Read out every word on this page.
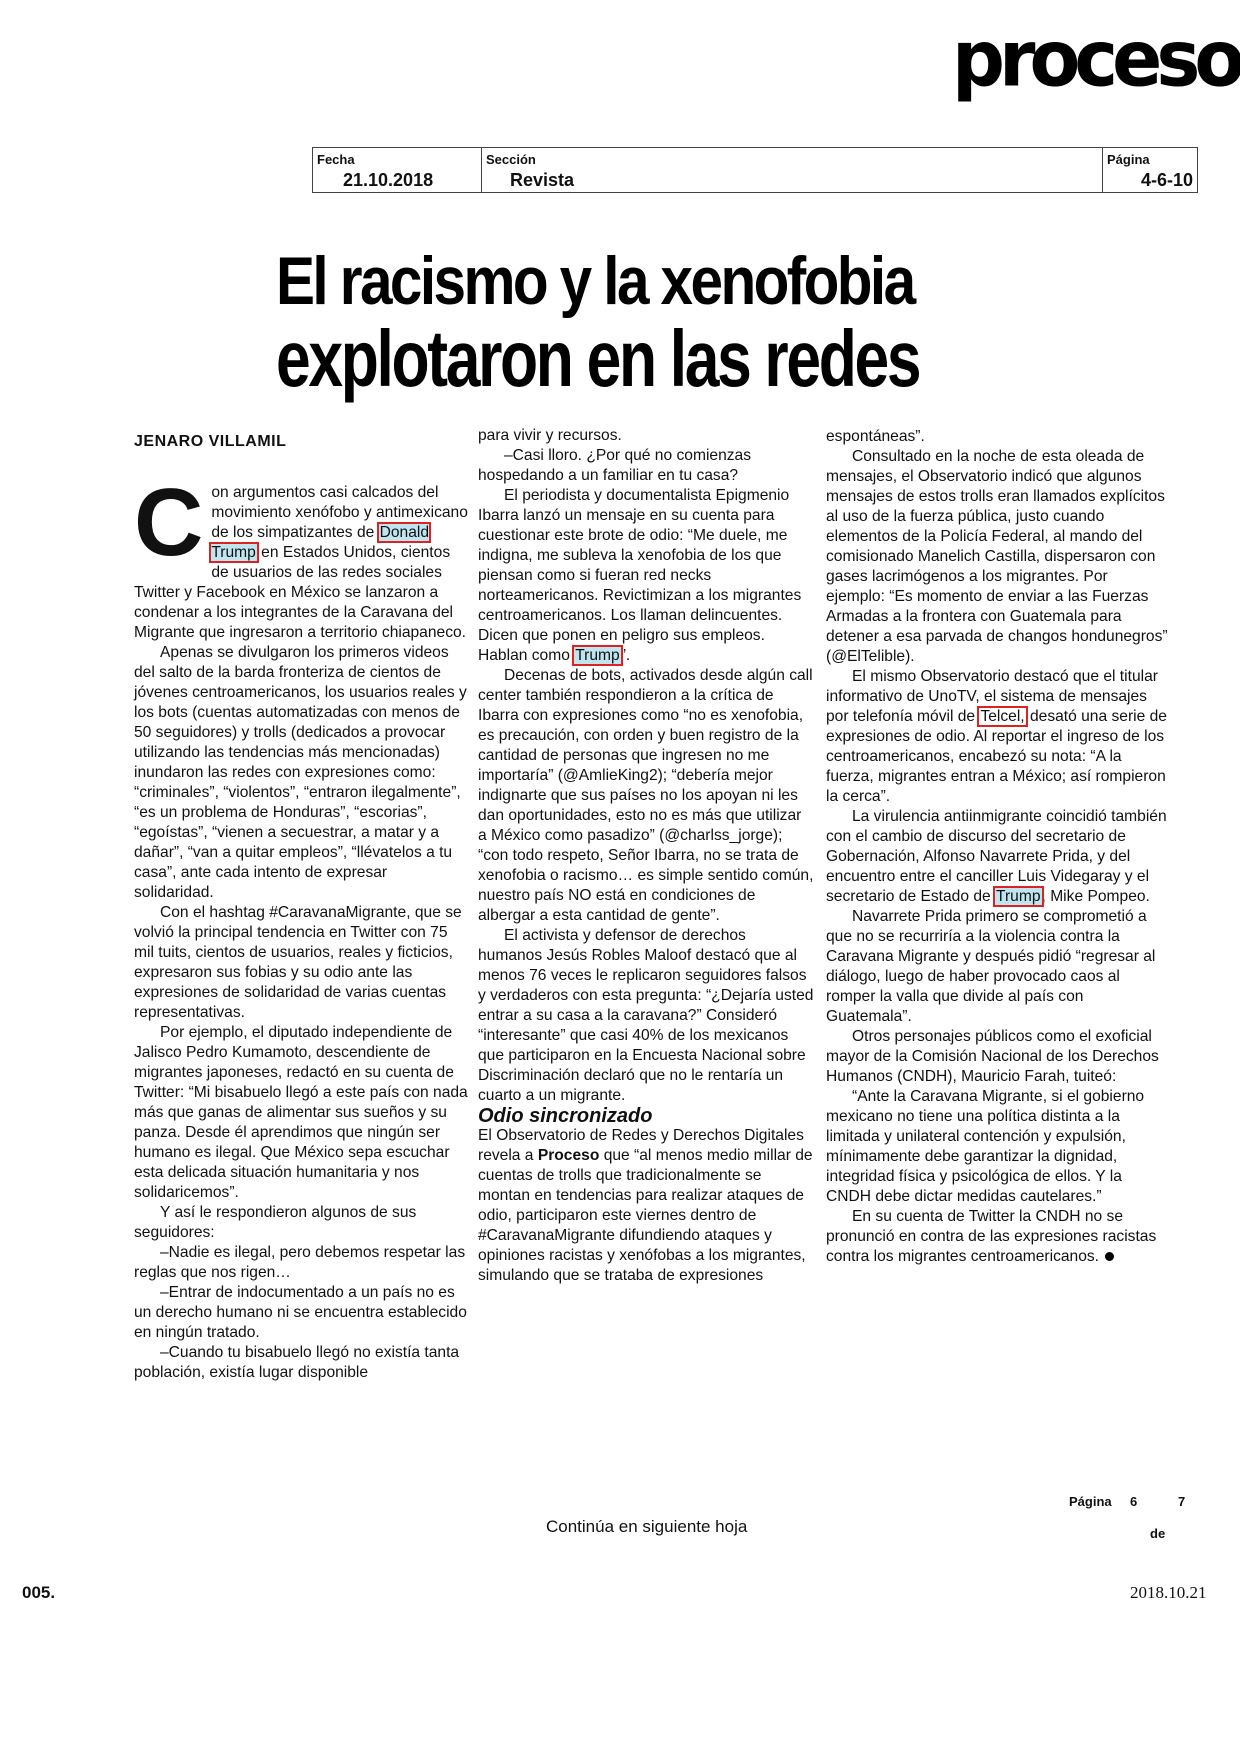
proceso
Fecha
21.10.2018
Sección
Revista
Página
4-6-10
El racismo y la xenofobia
explotaron en las redes
JENARO VILLAMIL

Con argumentos casi calcados del movimiento xenófobo y antimexicano de los simpatizantes de Donald Trump en Estados Unidos, cientos de usuarios de las redes sociales Twitter y Facebook en México se lanzaron a condenar a los integrantes de la Caravana del Migrante que ingresaron a territorio chiapaneco.

Apenas se divulgaron los primeros videos del salto de la barda fronteriza de cientos de jóvenes centroamericanos, los usuarios reales y los bots (cuentas automatizadas con menos de 50 seguidores) y trolls (dedicados a provocar utilizando las tendencias más mencionadas) inundaron las redes con expresiones como: “criminales”, “violentos”, “entraron ilegalmente”, “es un problema de Honduras”, “escorias”, “egoístas”, “vienen a secuestrar, a matar y a dañar”, “van a quitar empleos”, “llévatelos a tu casa”, ante cada intento de expresar solidaridad.

Con el hashtag #CaravanaMigrante, que se volvió la principal tendencia en Twitter con 75 mil tuits, cientos de usuarios, reales y ficticios, expresaron sus fobias y su odio ante las expresiones de solidaridad de varias cuentas representativas.

Por ejemplo, el diputado independiente de Jalisco Pedro Kumamoto, descendiente de migrantes japoneses, redactó en su cuenta de Twitter: “Mi bisabuelo llegó a este país con nada más que ganas de alimentar sus sueños y su panza. Desde él aprendimos que ningún ser humano es ilegal. Que México sepa escuchar esta delicada situación humanitaria y nos solidaricemos”.

Y así le respondieron algunos de sus seguidores:

–Nadie es ilegal, pero debemos respetar las reglas que nos rigen…

–Entrar de indocumentado a un país no es un derecho humano ni se encuentra establecido en ningún tratado.

–Cuando tu bisabuelo llegó no existía tanta población, existía lugar disponible

para vivir y recursos.

–Casi lloro. ¿Por qué no comienzas hospedando a un familiar en tu casa?

El periodista y documentalista Epigmenio Ibarra lanzó un mensaje en su cuenta para cuestionar este brote de odio: “Me duele, me indigna, me subleva la xenofobia de los que piensan como si fueran red necks norteamericanos. Revictimizan a los migrantes centroamericanos. Los llaman delincuentes. Dicen que ponen en peligro sus empleos. Hablan como Trump”.

Decenas de bots, activados desde algún call center también respondieron a la crítica de Ibarra con expresiones como “no es xenofobia, es precaución, con orden y buen registro de la cantidad de personas que ingresen no me importaría” (@AmlieKing2); “debería mejor indignarte que sus países no los apoyan ni les dan oportunidades, esto no es más que utilizar a México como pasadizo” (@charlss_jorge); “con todo respeto, Señor Ibarra, no se trata de xenofobia o racismo… es simple sentido común, nuestro país NO está en condiciones de albergar a esta cantidad de gente”.

El activista y defensor de derechos humanos Jesús Robles Maloof destacó que al menos 76 veces le replicaron seguidores falsos y verdaderos con esta pregunta: “¿Dejaría usted entrar a su casa a la caravana?” Consideró “interesante” que casi 40% de los mexicanos que participaron en la Encuesta Nacional sobre Discriminación declaró que no le rentaría un cuarto a un migrante.

Odio sincronizado

El Observatorio de Redes y Derechos Digitales revela a Proceso que “al menos medio millar de cuentas de trolls que tradicionalmente se montan en tendencias para realizar ataques de odio, participaron este viernes dentro de #CaravanaMigrante difundiendo ataques y opiniones racistas y xenófobas a los migrantes, simulando que se trataba de expresiones

espontáneas”.

Consultado en la noche de esta oleada de mensajes, el Observatorio indicó que algunos mensajes de estos trolls eran llamados explícitos al uso de la fuerza pública, justo cuando elementos de la Policía Federal, al mando del comisionado Manelich Castilla, dispersaron con gases lacrimógenos a los migrantes. Por ejemplo: “Es momento de enviar a las Fuerzas Armadas a la frontera con Guatemala para detener a esa parvada de changos hondunegros” (@ElTelible).

El mismo Observatorio destacó que el titular informativo de UnoTV, el sistema de mensajes por telefonía móvil de Telcel, desató una serie de expresiones de odio. Al reportar el ingreso de los centroamericanos, encabezó su nota: “A la fuerza, migrantes entran a México; así rompieron la cerca”.

La virulencia antiinmigrante coincidió también con el cambio de discurso del secretario de Gobernación, Alfonso Navarrete Prida, y del encuentro entre el canciller Luis Videgaray y el secretario de Estado de Trump, Mike Pompeo.

Navarrete Prida primero se comprometió a que no se recurriría a la violencia contra la Caravana Migrante y después pidió “regresar al diálogo, luego de haber provocado caos al romper la valla que divide al país con Guatemala”.

Otros personajes públicos como el exoficial mayor de la Comisión Nacional de los Derechos Humanos (CNDH), Mauricio Farah, tuiteó:

“Ante la Caravana Migrante, si el gobierno mexicano no tiene una política distinta a la limitada y unilateral contención y expulsión, mínimamente debe garantizar la dignidad, integridad física y psicológica de ellos. Y la CNDH debe dictar medidas cautelares.”

En su cuenta de Twitter la CNDH no se pronunció en contra de las expresiones racistas contra los migrantes centroamericanos.

Página 6	7
de
Continúa en siguiente hoja
005.	2018.10.21
